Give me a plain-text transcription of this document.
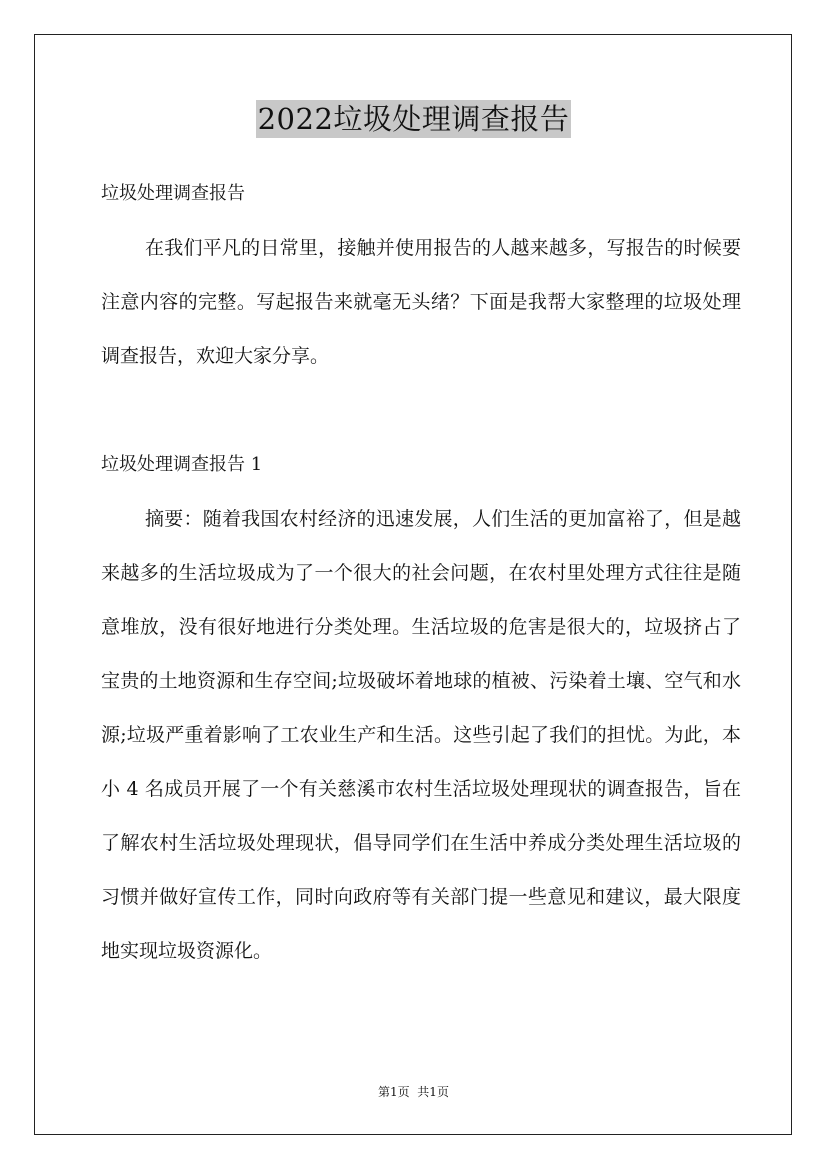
2022垃圾处理调查报告
垃圾处理调查报告
在我们平凡的日常里，接触并使用报告的人越来越多，写报告的时候要注意内容的完整。写起报告来就毫无头绪？下面是我帮大家整理的垃圾处理调查报告，欢迎大家分享。
垃圾处理调查报告 1
摘要：随着我国农村经济的迅速发展，人们生活的更加富裕了，但是越来越多的生活垃圾成为了一个很大的社会问题，在农村里处理方式往往是随意堆放，没有很好地进行分类处理。生活垃圾的危害是很大的，垃圾挤占了宝贵的土地资源和生存空间;垃圾破坏着地球的植被、污染着土壤、空气和水源;垃圾严重着影响了工农业生产和生活。这些引起了我们的担忧。为此，本小 4 名成员开展了一个有关慈溪市农村生活垃圾处理现状的调查报告，旨在了解农村生活垃圾处理现状，倡导同学们在生活中养成分类处理生活垃圾的习惯并做好宣传工作，同时向政府等有关部门提一些意见和建议，最大限度地实现垃圾资源化。
第1页  共1页
